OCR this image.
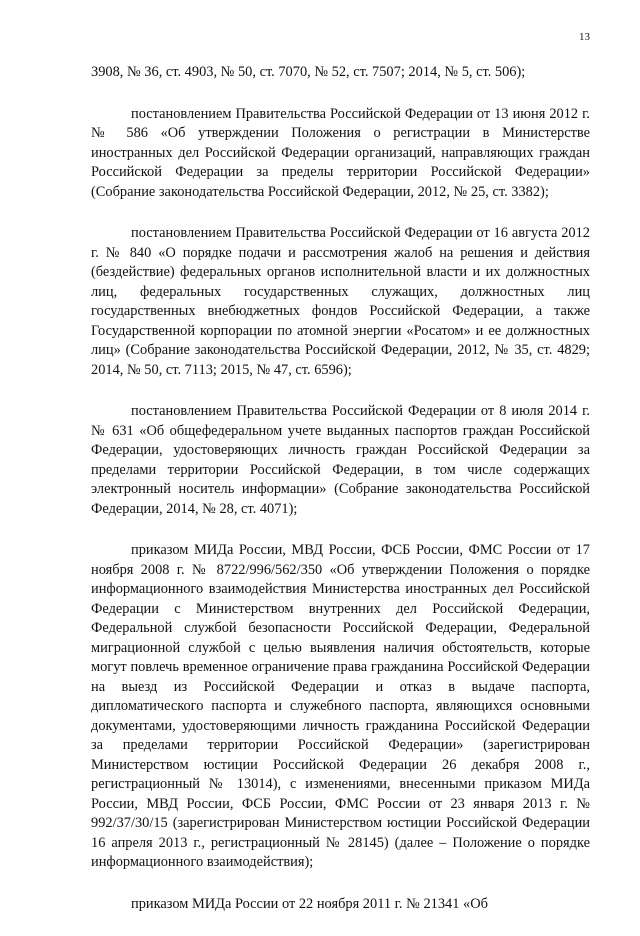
13

3908, № 36, ст. 4903, № 50, ст. 7070, № 52, ст. 7507; 2014, № 5, ст. 506);

постановлением Правительства Российской Федерации от 13 июня 2012 г. № 586 «Об утверждении Положения о регистрации в Министерстве иностранных дел Российской Федерации организаций, направляющих граждан Российской Федерации за пределы территории Российской Федерации» (Собрание законодательства Российской Федерации, 2012, № 25, ст. 3382);

постановлением Правительства Российской Федерации от 16 августа 2012 г. № 840 «О порядке подачи и рассмотрения жалоб на решения и действия (бездействие) федеральных органов исполнительной власти и их должностных лиц, федеральных государственных служащих, должностных лиц государственных внебюджетных фондов Российской Федерации, а также Государственной корпорации по атомной энергии «Росатом» и ее должностных лиц» (Собрание законодательства Российской Федерации, 2012, № 35, ст. 4829; 2014, № 50, ст. 7113; 2015, № 47, ст. 6596);

постановлением Правительства Российской Федерации от 8 июля 2014 г. № 631 «Об общефедеральном учете выданных паспортов граждан Российской Федерации, удостоверяющих личность граждан Российской Федерации за пределами территории Российской Федерации, в том числе содержащих электронный носитель информации» (Собрание законодательства Российской Федерации, 2014, № 28, ст. 4071);

приказом МИДа России, МВД России, ФСБ России, ФМС России от 17 ноября 2008 г. № 8722/996/562/350 «Об утверждении Положения о порядке информационного взаимодействия Министерства иностранных дел Российской Федерации с Министерством внутренних дел Российской Федерации, Федеральной службой безопасности Российской Федерации, Федеральной миграционной службой с целью выявления наличия обстоятельств, которые могут повлечь временное ограничение права гражданина Российской Федерации на выезд из Российской Федерации и отказ в выдаче паспорта, дипломатического паспорта и служебного паспорта, являющихся основными документами, удостоверяющими личность гражданина Российской Федерации за пределами территории Российской Федерации» (зарегистрирован Министерством юстиции Российской Федерации 26 декабря 2008 г., регистрационный № 13014), с изменениями, внесенными приказом МИДа России, МВД России, ФСБ России, ФМС России от 23 января 2013 г. № 992/37/30/15 (зарегистрирован Министерством юстиции Российской Федерации 16 апреля 2013 г., регистрационный № 28145) (далее – Положение о порядке информационного взаимодействия);

приказом МИДа России от 22 ноября 2011 г. № 21341 «Об
